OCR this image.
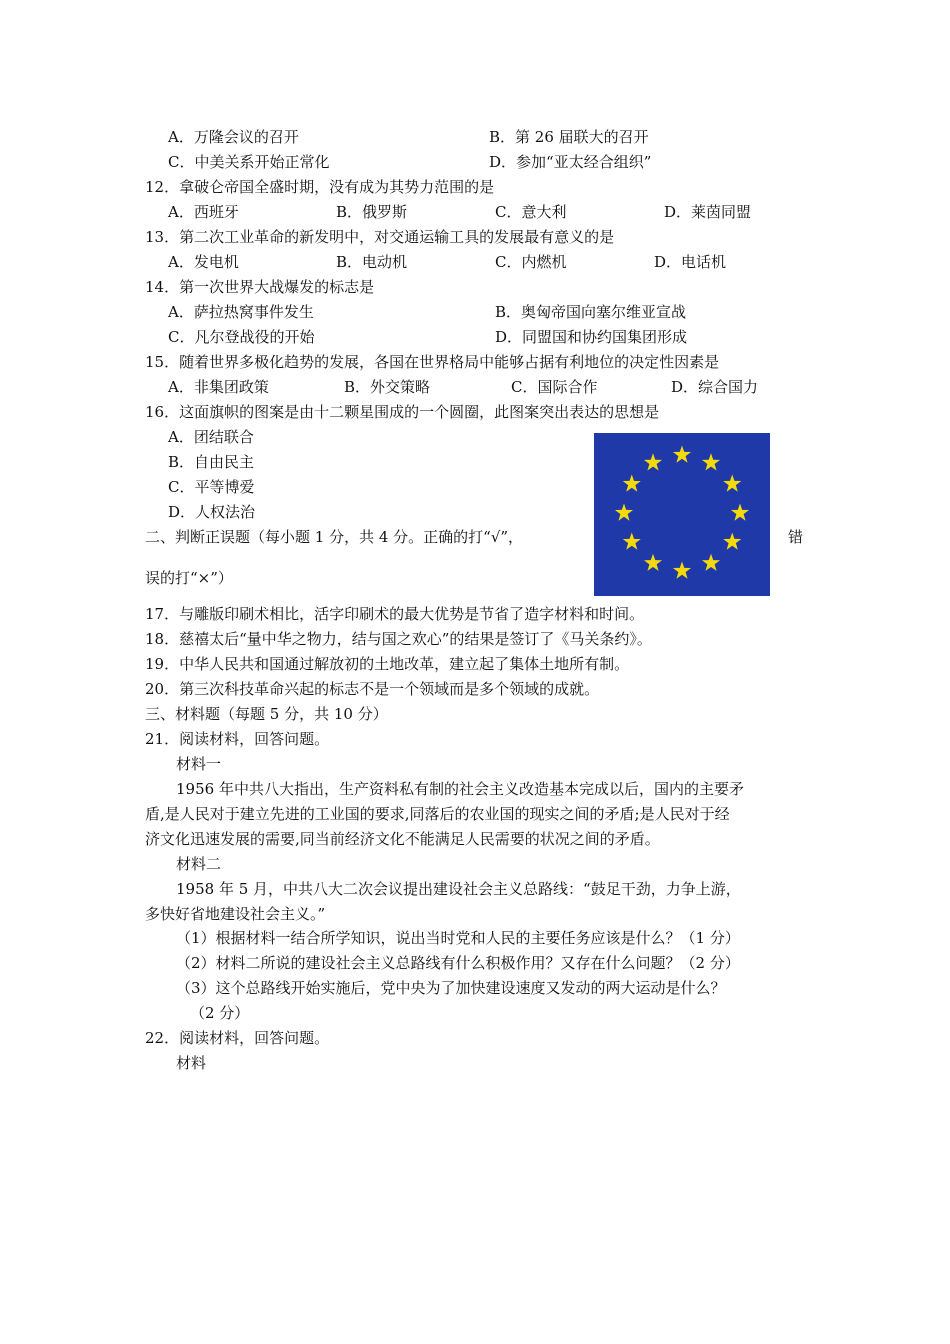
A．万隆会议的召开	B．第 26 届联大的召开
C．中美关系开始正常化	D．参加“亚太经合组织”
12．拿破仑帝国全盛时期，没有成为其势力范围的是
A．西班牙	B．俄罗斯	C．意大利	D．莱茵同盟
13．第二次工业革命的新发明中，对交通运输工具的发展最有意义的是
A．发电机	B．电动机	C．内燃机	D．电话机
14．第一次世界大战爆发的标志是
A．萨拉热窝事件发生	B．奥匈帝国向塞尔维亚宣战
C．凡尔登战役的开始	D．同盟国和协约国集团形成
15．随着世界多极化趋势的发展，各国在世界格局中能够占据有利地位的决定性因素是
A．非集团政策	B．外交策略	C．国际合作	D．综合国力
16．这面旗帜的图案是由十二颗星围成的一个圆圈，此图案突出表达的思想是
A．团结联合
B．自由民主
C．平等博爱
D．人权法治
二、判断正误题（每小题 1 分，共 4 分。正确的打“√”，	错
误的打“×”）
17．与雕版印刷术相比，活字印刷术的最大优势是节省了造字材料和时间。
18．慈禧太后“量中华之物力，结与国之欢心”的结果是签订了《马关条约》。
19．中华人民共和国通过解放初的土地改革，建立起了集体土地所有制。
20．第三次科技革命兴起的标志不是一个领域而是多个领域的成就。
三、材料题（每题 5 分，共 10 分）
21．阅读材料，回答问题。
材料一
1956 年中共八大指出，生产资料私有制的社会主义改造基本完成以后，国内的主要矛
盾,是人民对于建立先进的工业国的要求,同落后的农业国的现实之间的矛盾;是人民对于经
济文化迅速发展的需要,同当前经济文化不能满足人民需要的状况之间的矛盾。
材料二
1958 年 5 月，中共八大二次会议提出建设社会主义总路线：“鼓足干劲，力争上游，
多快好省地建设社会主义。”
（1）根据材料一结合所学知识，说出当时党和人民的主要任务应该是什么？（1 分）
（2）材料二所说的建设社会主义总路线有什么积极作用？又存在什么问题？（2 分）
（3）这个总路线开始实施后，党中央为了加快建设速度又发动的两大运动是什么？
（2 分）
22．阅读材料，回答问题。
材料
